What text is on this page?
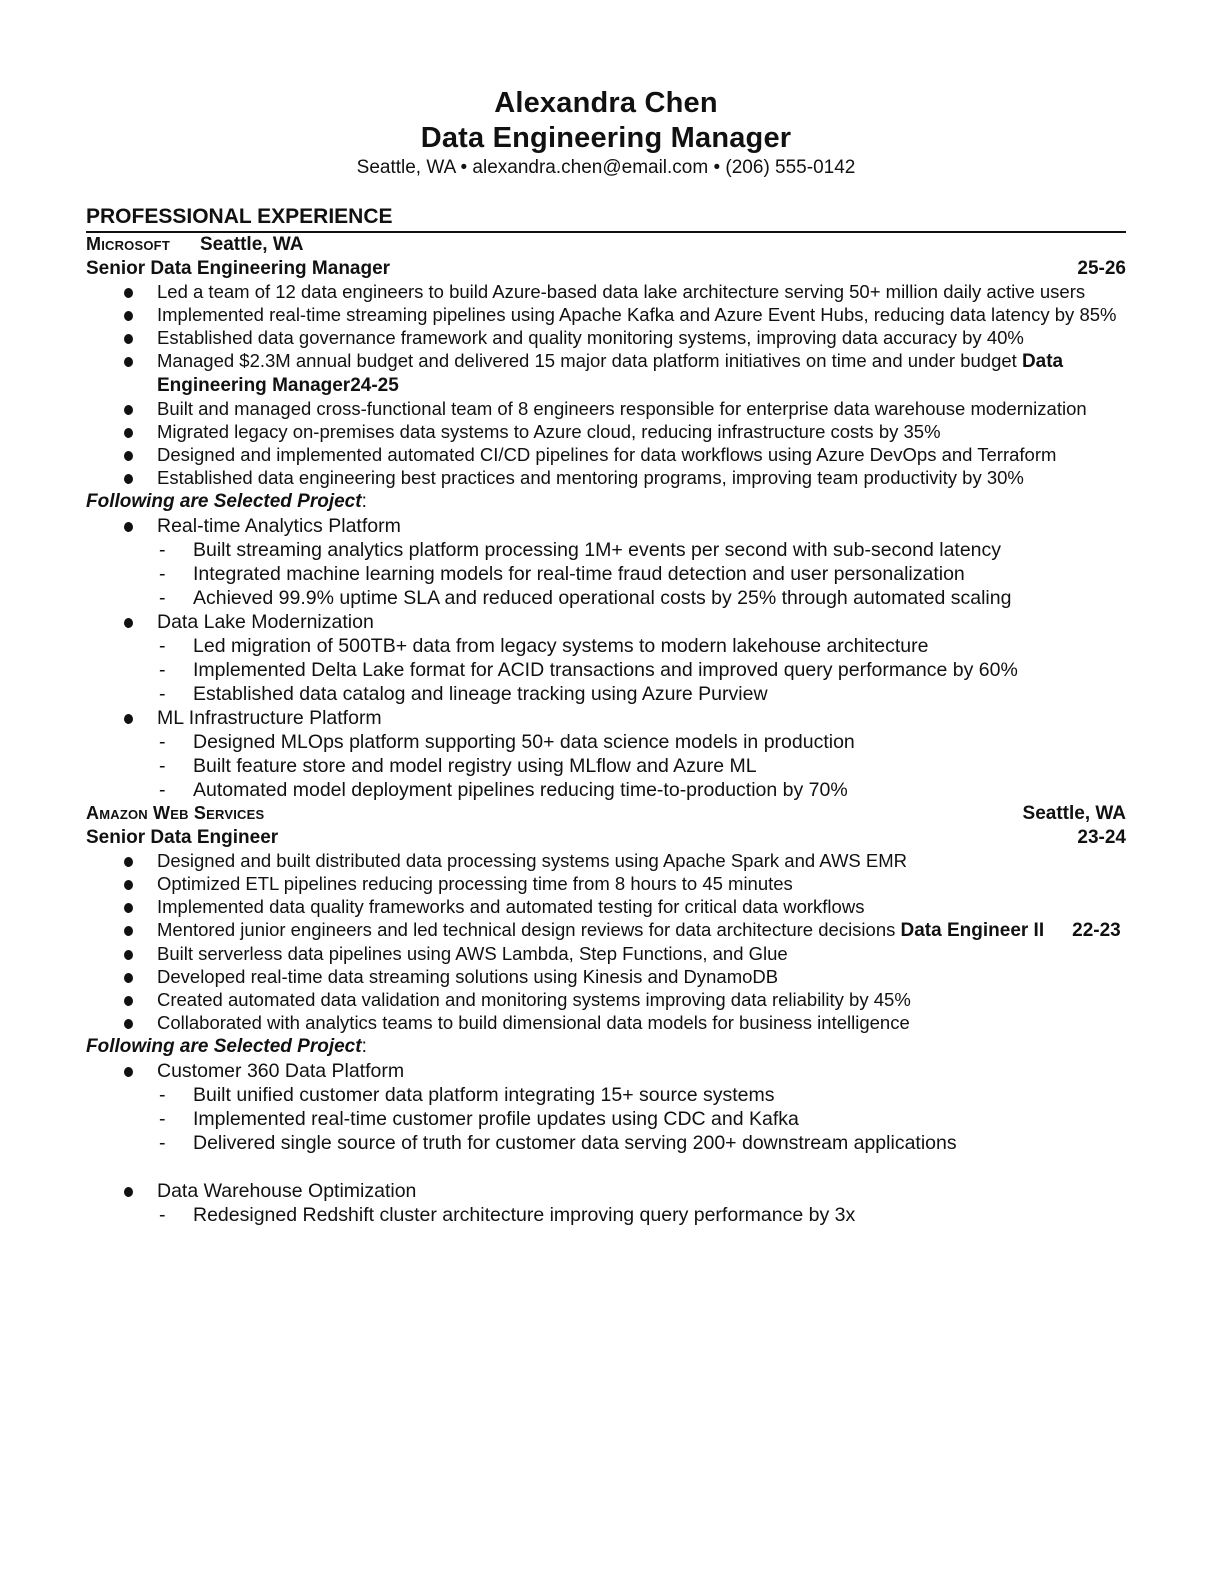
Alexandra Chen
Data Engineering Manager
Seattle, WA • alexandra.chen@email.com • (206) 555-0142
PROFESSIONAL EXPERIENCE
Microsoft Seattle, WA
Senior Data Engineering Manager	25-26
Led a team of 12 data engineers to build Azure-based data lake architecture serving 50+ million daily active users
Implemented real-time streaming pipelines using Apache Kafka and Azure Event Hubs, reducing data latency by 85%
Established data governance framework and quality monitoring systems, improving data accuracy by 40%
Managed $2.3M annual budget and delivered 15 major data platform initiatives on time and under budget Data Engineering Manager24-25
Built and managed cross-functional team of 8 engineers responsible for enterprise data warehouse modernization
Migrated legacy on-premises data systems to Azure cloud, reducing infrastructure costs by 35%
Designed and implemented automated CI/CD pipelines for data workflows using Azure DevOps and Terraform
Established data engineering best practices and mentoring programs, improving team productivity by 30%
Following are Selected Project:
Real-time Analytics Platform
- Built streaming analytics platform processing 1M+ events per second with sub-second latency
- Integrated machine learning models for real-time fraud detection and user personalization
- Achieved 99.9% uptime SLA and reduced operational costs by 25% through automated scaling
Data Lake Modernization
- Led migration of 500TB+ data from legacy systems to modern lakehouse architecture
- Implemented Delta Lake format for ACID transactions and improved query performance by 60%
- Established data catalog and lineage tracking using Azure Purview
ML Infrastructure Platform
- Designed MLOps platform supporting 50+ data science models in production
- Built feature store and model registry using MLflow and Azure ML
- Automated model deployment pipelines reducing time-to-production by 70%
Amazon Web Services	Seattle, WA
Senior Data Engineer	23-24
Designed and built distributed data processing systems using Apache Spark and AWS EMR
Optimized ETL pipelines reducing processing time from 8 hours to 45 minutes
Implemented data quality frameworks and automated testing for critical data workflows
Mentored junior engineers and led technical design reviews for data architecture decisions Data Engineer II 22-23
Built serverless data pipelines using AWS Lambda, Step Functions, and Glue
Developed real-time data streaming solutions using Kinesis and DynamoDB
Created automated data validation and monitoring systems improving data reliability by 45%
Collaborated with analytics teams to build dimensional data models for business intelligence
Following are Selected Project:
Customer 360 Data Platform
- Built unified customer data platform integrating 15+ source systems
- Implemented real-time customer profile updates using CDC and Kafka
- Delivered single source of truth for customer data serving 200+ downstream applications
Data Warehouse Optimization
- Redesigned Redshift cluster architecture improving query performance by 3x
